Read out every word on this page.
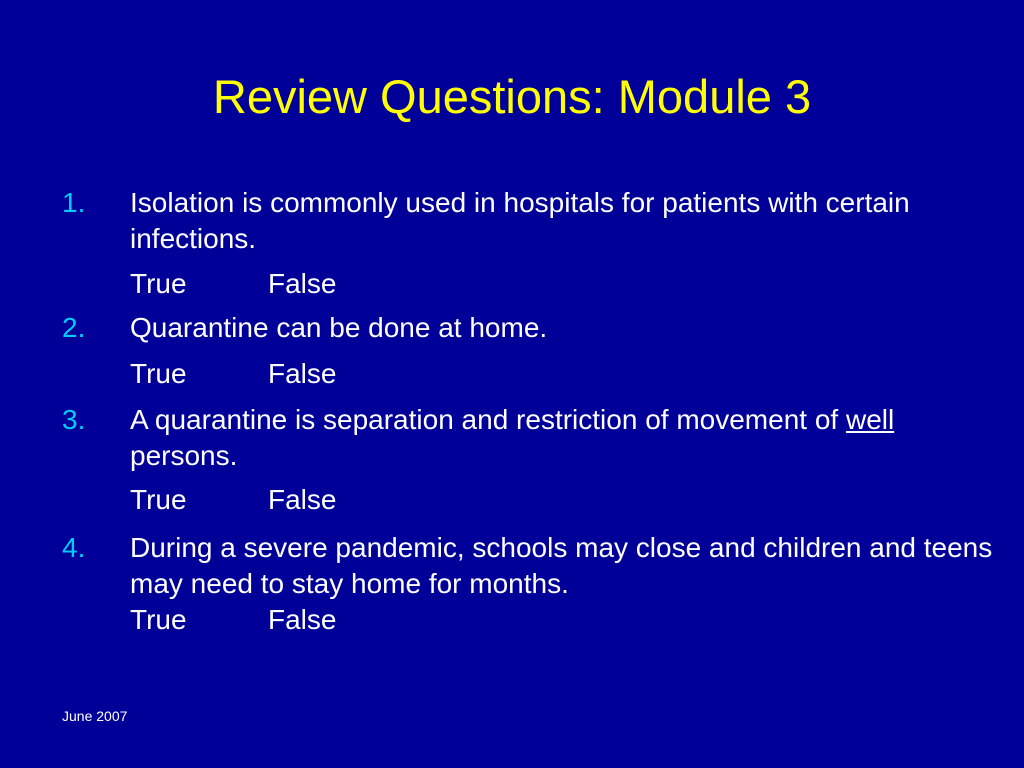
Review Questions: Module 3
1. Isolation is commonly used in hospitals for patients with certain infections.
True	False
2. Quarantine can be done at home.
True	False
3. A quarantine is separation and restriction of movement of well persons.
True	False
4. During a severe pandemic, schools may close and children and teens may need to stay home for months.
True	False
June 2007
